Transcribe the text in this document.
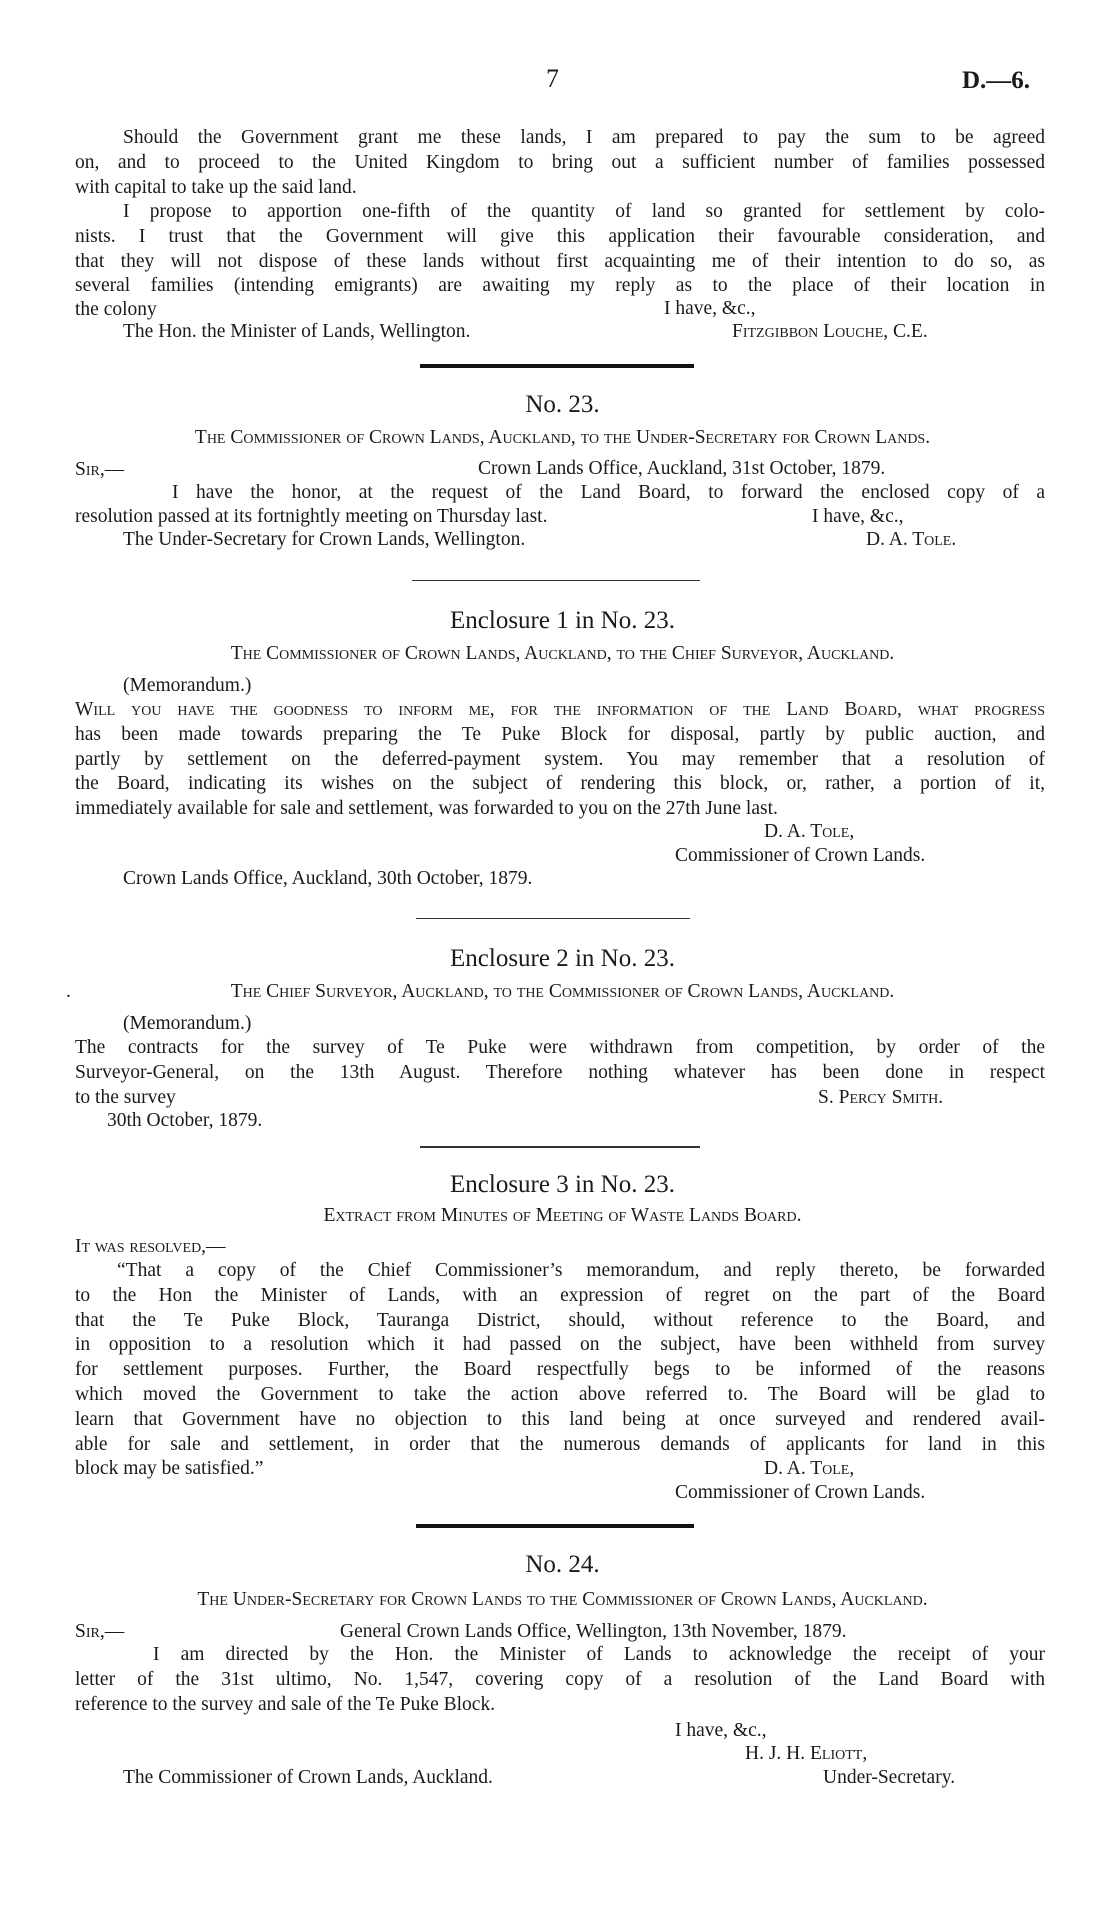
7	D.—6.
Should the Government grant me these lands, I am prepared to pay the sum to be agreed
on, and to proceed to the United Kingdom to bring out a sufficient number of families possessed
with capital to take up the said land.
I propose to apportion one-fifth of the quantity of land so granted for settlement by colo-
nists. I trust that the Government will give this application their favourable consideration, and
that they will not dispose of these lands without first acquainting me of their intention to do so, as
several families (intending emigrants) are awaiting my reply as to the place of their location in
the colony	I have, &c.,
The Hon. the Minister of Lands, Wellington.	Fitzgibbon Louche, C.E.
No. 23.
The Commissioner of Crown Lands, Auckland, to the Under-Secretary for Crown Lands.
Sir,—	Crown Lands Office, Auckland, 31st October, 1879.
I have the honor, at the request of the Land Board, to forward the enclosed copy of a
resolution passed at its fortnightly meeting on Thursday last.	I have, &c.,
The Under-Secretary for Crown Lands, Wellington.	D. A. Tole.
Enclosure 1 in No. 23.
The Commissioner of Crown Lands, Auckland, to the Chief Surveyor, Auckland.
(Memorandum.)
Will you have the goodness to inform me, for the information of the Land Board, what progress
has been made towards preparing the Te Puke Block for disposal, partly by public auction, and
partly by settlement on the deferred-payment system. You may remember that a resolution of
the Board, indicating its wishes on the subject of rendering this block, or, rather, a portion of it,
immediately available for sale and settlement, was forwarded to you on the 27th June last.
D. A. Tole,
Commissioner of Crown Lands.
Crown Lands Office, Auckland, 30th October, 1879.
Enclosure 2 in No. 23.
.	The Chief Surveyor, Auckland, to the Commissioner of Crown Lands, Auckland.
(Memorandum.)
The contracts for the survey of Te Puke were withdrawn from competition, by order of the
Surveyor-General, on the 13th August. Therefore nothing whatever has been done in respect
to the survey	S. Percy Smith.
30th October, 1879.
Enclosure 3 in No. 23.
Extract from Minutes of Meeting of Waste Lands Board.
It was resolved,—
“That a copy of the Chief Commissioner’s memorandum, and reply thereto, be forwarded
to the Hon the Minister of Lands, with an expression of regret on the part of the Board
that the Te Puke Block, Tauranga District, should, without reference to the Board, and
in opposition to a resolution which it had passed on the subject, have been withheld from survey
for settlement purposes. Further, the Board respectfully begs to be informed of the reasons
which moved the Government to take the action above referred to. The Board will be glad to
learn that Government have no objection to this land being at once surveyed and rendered avail-
able for sale and settlement, in order that the numerous demands of applicants for land in this
block may be satisfied.”	D. A. Tole,
Commissioner of Crown Lands.
No. 24.
The Under-Secretary for Crown Lands to the Commissioner of Crown Lands, Auckland.
Sir,—	General Crown Lands Office, Wellington, 13th November, 1879.
I am directed by the Hon. the Minister of Lands to acknowledge the receipt of your
letter of the 31st ultimo, No. 1,547, covering copy of a resolution of the Land Board with
reference to the survey and sale of the Te Puke Block.
I have, &c.,
H. J. H. Eliott,
The Commissioner of Crown Lands, Auckland.	Under-Secretary.
